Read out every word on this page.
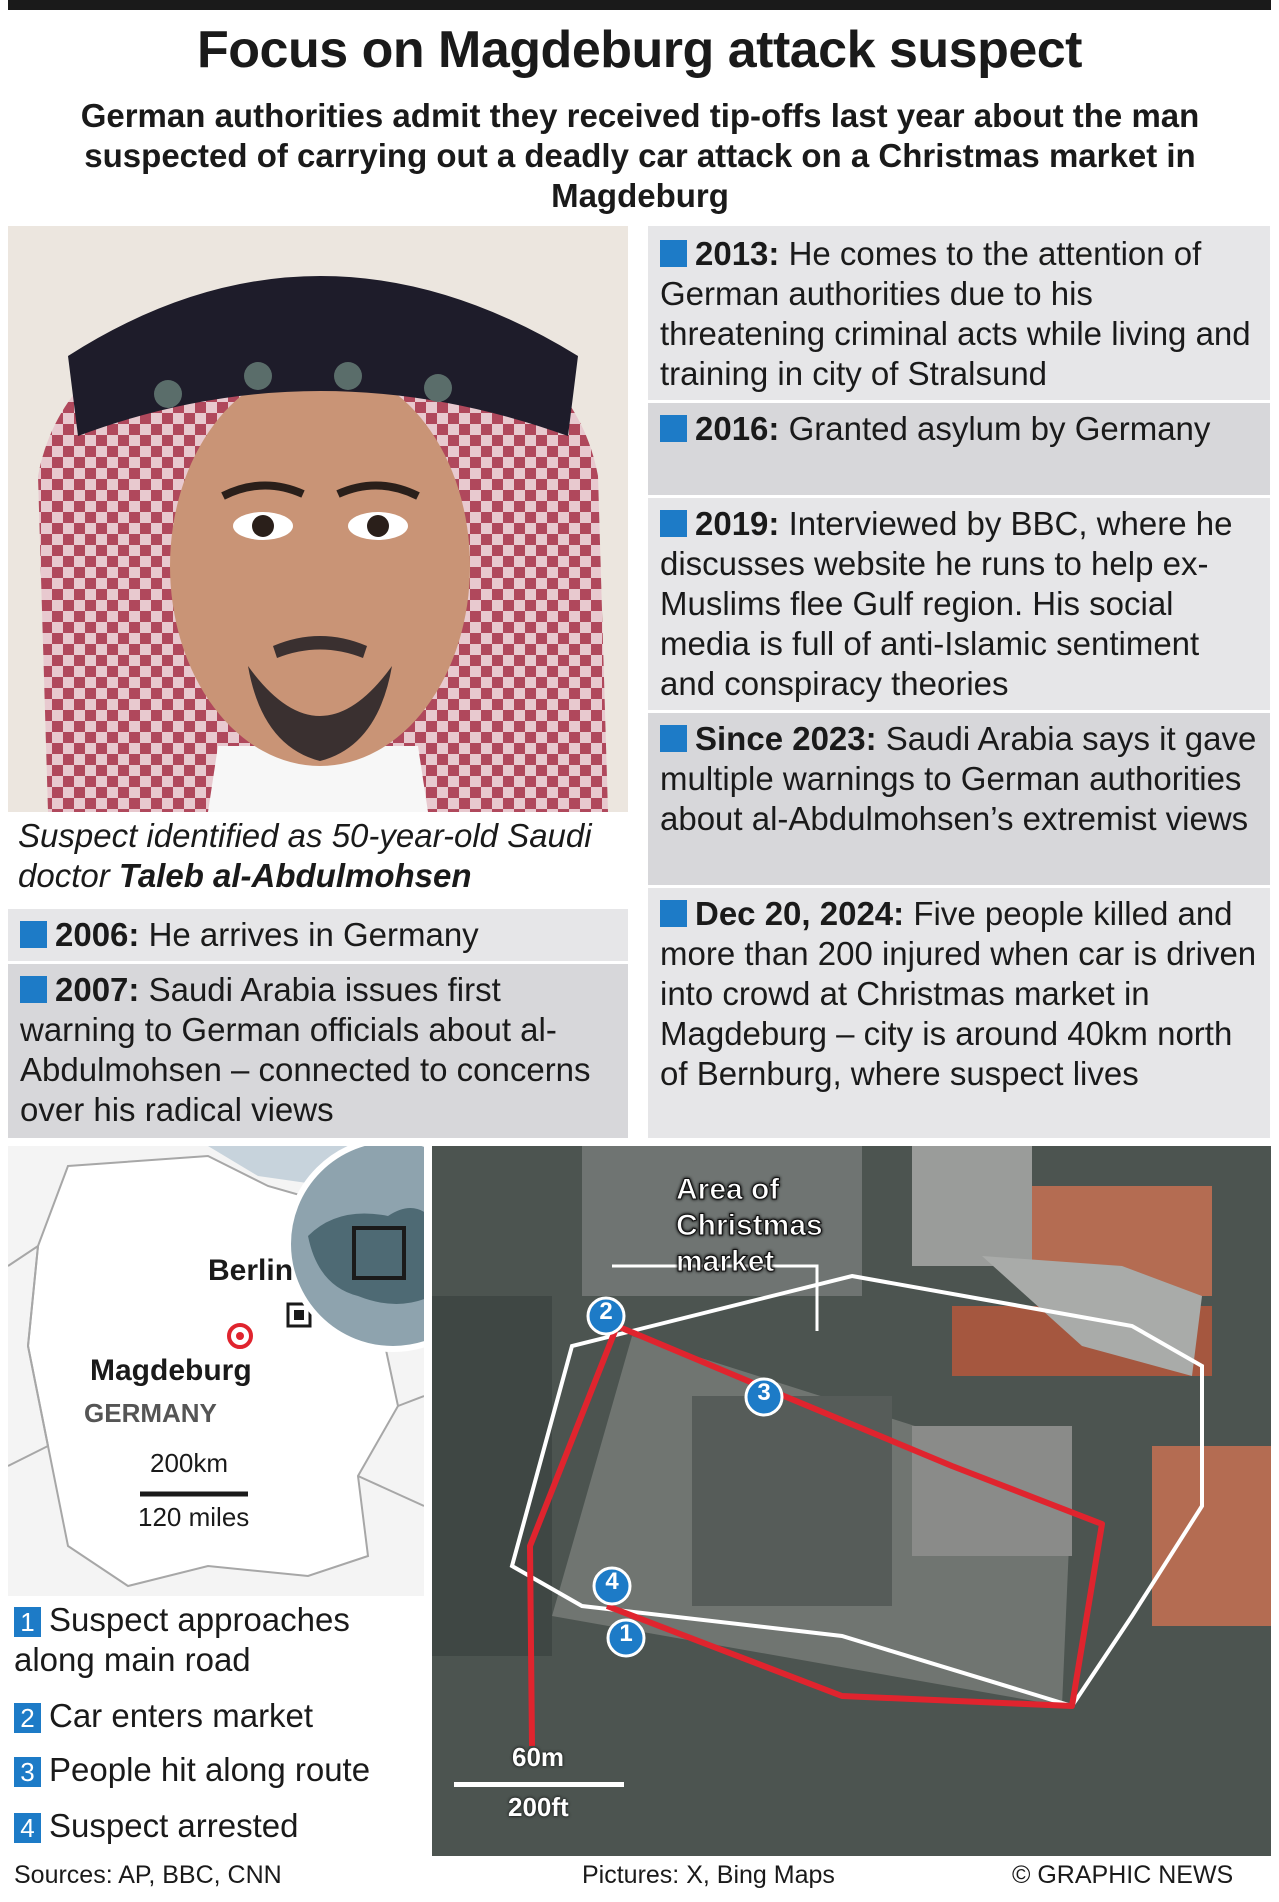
Focus on Magdeburg attack suspect
German authorities admit they received tip-offs last year about the man suspected of carrying out a deadly car attack on a Christmas market in Magdeburg
Suspect identified as 50-year-old Saudi doctor Taleb al-Abdulmohsen
2006: He arrives in Germany
2007: Saudi Arabia issues first warning to German officials about al-Abdulmohsen – connected to concerns over his radical views
2013: He comes to the attention of German authorities due to his threatening criminal acts while living and training in city of Stralsund
2016: Granted asylum by Germany
2019: Interviewed by BBC, where he discusses website he runs to help ex-Muslims flee Gulf region. His social media is full of anti-Islamic sentiment and conspiracy theories
Since 2023: Saudi Arabia says it gave multiple warnings to German authorities about al-Abdulmohsen’s extremist views
Dec 20, 2024: Five people killed and more than 200 injured when car is driven into crowd at Christmas market in Magdeburg – city is around 40km north of Bernburg, where suspect lives
Berlin
Magdeburg
GERMANY
200km
120 miles
2
3
4
1
Area of Christmas market
60m
200ft
1 Suspect approaches along main road
2 Car enters market
3 People hit along route
4 Suspect arrested
Sources: AP, BBC, CNN	Pictures: X, Bing Maps	© GRAPHIC NEWS
